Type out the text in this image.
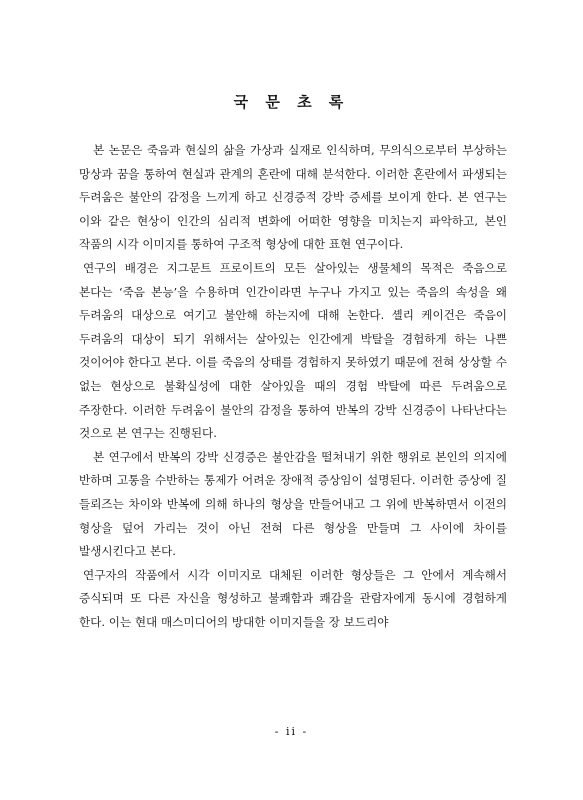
국 문 초 록

본 논문은 죽음과 현실의 삶을 가상과 실재로 인식하며, 무의식으로부터 부상하는 망상과 꿈을 통하여 현실과 관계의 혼란에 대해 분석한다. 이러한 혼란에서 파생되는 두려움은 불안의 감정을 느끼게 하고 신경증적 강박 증세를 보이게 한다. 본 연구는 이와 같은 현상이 인간의 심리적 변화에 어떠한 영향을 미치는지 파악하고, 본인 작품의 시각 이미지를 통하여 구조적 형상에 대한 표현 연구이다.

연구의 배경은 지그문트 프로이트의 모든 살아있는 생물체의 목적은 죽음으로 본다는 ‘죽음 본능’을 수용하며 인간이라면 누구나 가지고 있는 죽음의 속성을 왜 두려움의 대상으로 여기고 불안해 하는지에 대해 논한다. 셸리 케이건은 죽음이 두려움의 대상이 되기 위해서는 살아있는 인간에게 박탈을 경험하게 하는 나쁜 것이어야 한다고 본다. 이를 죽음의 상태를 경험하지 못하였기 때문에 전혀 상상할 수 없는 현상으로 불확실성에 대한 살아있을 때의 경험 박탈에 따른 두려움으로 주장한다. 이러한 두려움이 불안의 감정을 통하여 반복의 강박 신경증이 나타난다는 것으로 본 연구는 진행된다.

본 연구에서 반복의 강박 신경증은 불안감을 떨쳐내기 위한 행위로 본인의 의지에 반하며 고통을 수반하는 통제가 어려운 장애적 증상임이 설명된다. 이러한 증상에 질 들뢰즈는 차이와 반복에 의해 하나의 형상을 만들어내고 그 위에 반복하면서 이전의 형상을 덮어 가리는 것이 아닌 전혀 다른 형상을 만들며 그 사이에 차이를 발생시킨다고 본다.

연구자의 작품에서 시각 이미지로 대체된 이러한 형상들은 그 안에서 계속해서 증식되며 또 다른 자신을 형성하고 불쾌함과 쾌감을 관람자에게 동시에 경험하게 한다. 이는 현대 매스미디어의 방대한 이미지들을 장 보드리야

- ii -
